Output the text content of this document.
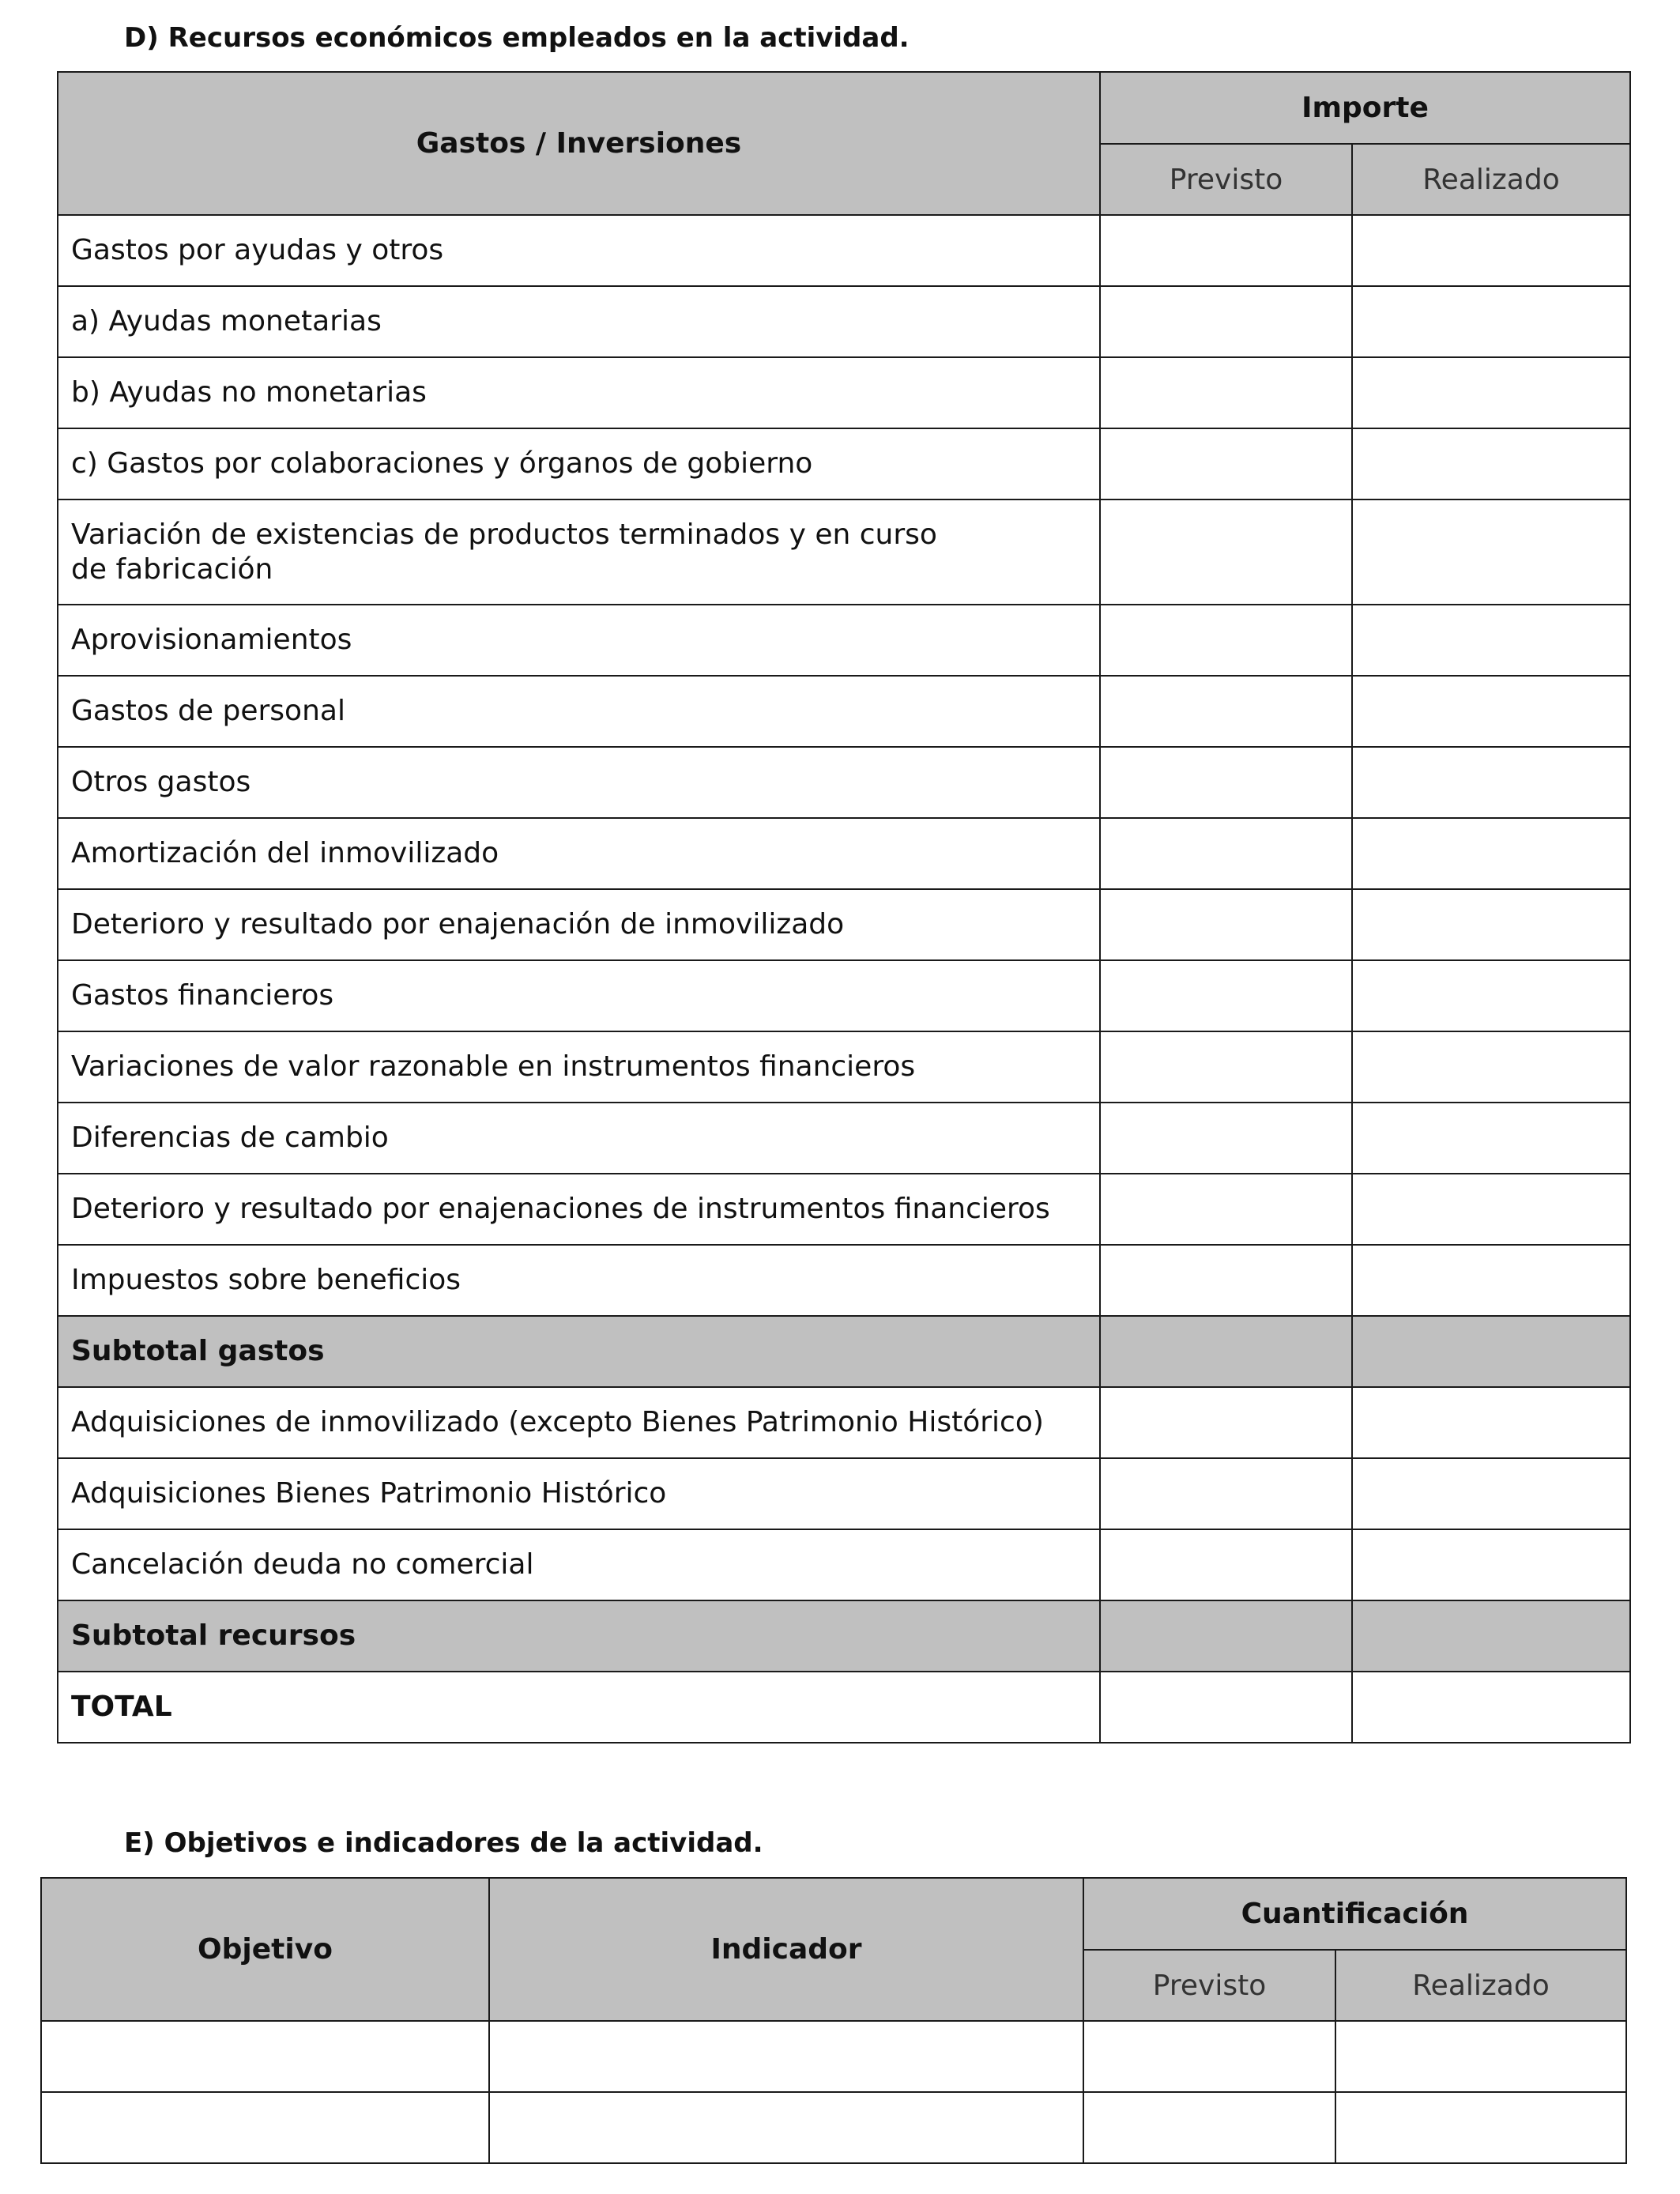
D) Recursos económicos empleados en la actividad.
Gastos / Inversiones	Importe	
	Previsto	Realizado
Gastos por ayudas y otros		
a) Ayudas monetarias		
b) Ayudas no monetarias		
c) Gastos por colaboraciones y órganos de gobierno		
Variación de existencias de productos terminados y en curso de fabricación		
Aprovisionamientos		
Gastos de personal		
Otros gastos		
Amortización del inmovilizado		
Deterioro y resultado por enajenación de inmovilizado		
Gastos financieros		
Variaciones de valor razonable en instrumentos financieros		
Diferencias de cambio		
Deterioro y resultado por enajenaciones de instrumentos financieros		
Impuestos sobre beneficios		
Subtotal gastos		
Adquisiciones de inmovilizado (excepto Bienes Patrimonio Histórico)		
Adquisiciones Bienes Patrimonio Histórico		
Cancelación deuda no comercial		
Subtotal recursos		
TOTAL		
E) Objetivos e indicadores de la actividad.
Objetivo	Indicador	Cuantificación	
		Previsto	Realizado
